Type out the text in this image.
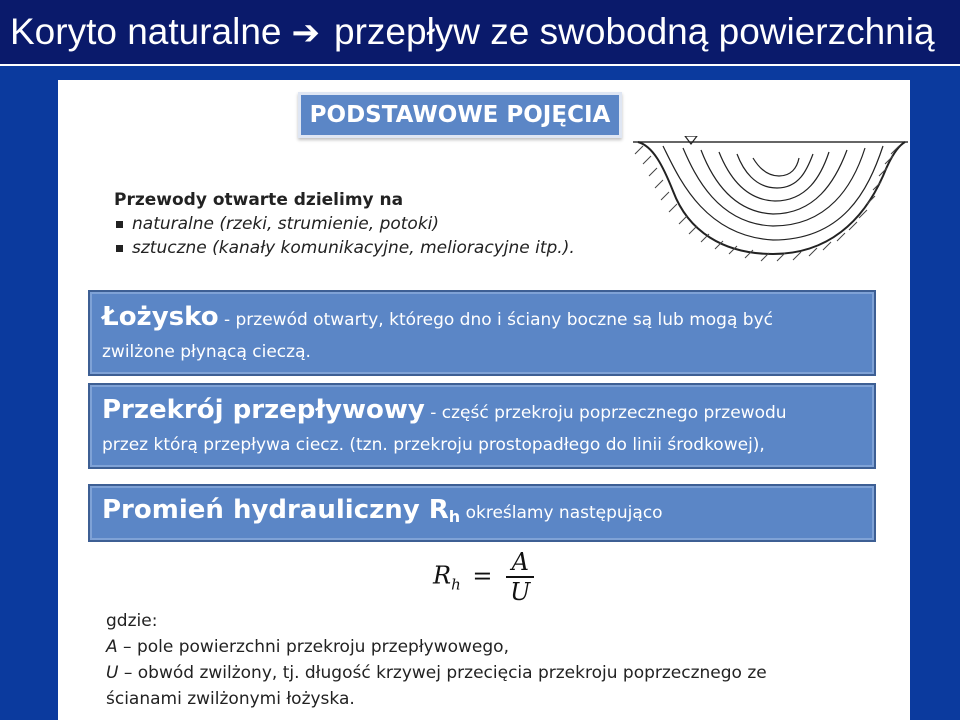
Koryto naturalne ➔ przepływ ze swobodną powierzchnią
PODSTAWOWE POJĘCIA
Przewody otwarte dzielimy na
naturalne (rzeki, strumienie, potoki)
sztuczne (kanały komunikacyjne, melioracyjne itp.).
Łożysko - przewód otwarty, którego dno i ściany boczne są lub mogą być
zwilżone płynącą cieczą.
Przekrój przepływowy - część przekroju poprzecznego przewodu
przez którą przepływa ciecz. (tzn. przekroju prostopadłego do linii środkowej),
Promień hydrauliczny $R_h$ określamy następująco
$R_h = \frac{A}{U}$
gdzie:
A – pole powierzchni przekroju przepływowego,
U – obwód zwilżony, tj. długość krzywej przecięcia przekroju poprzecznego ze
ścianami zwilżonymi łożyska.
